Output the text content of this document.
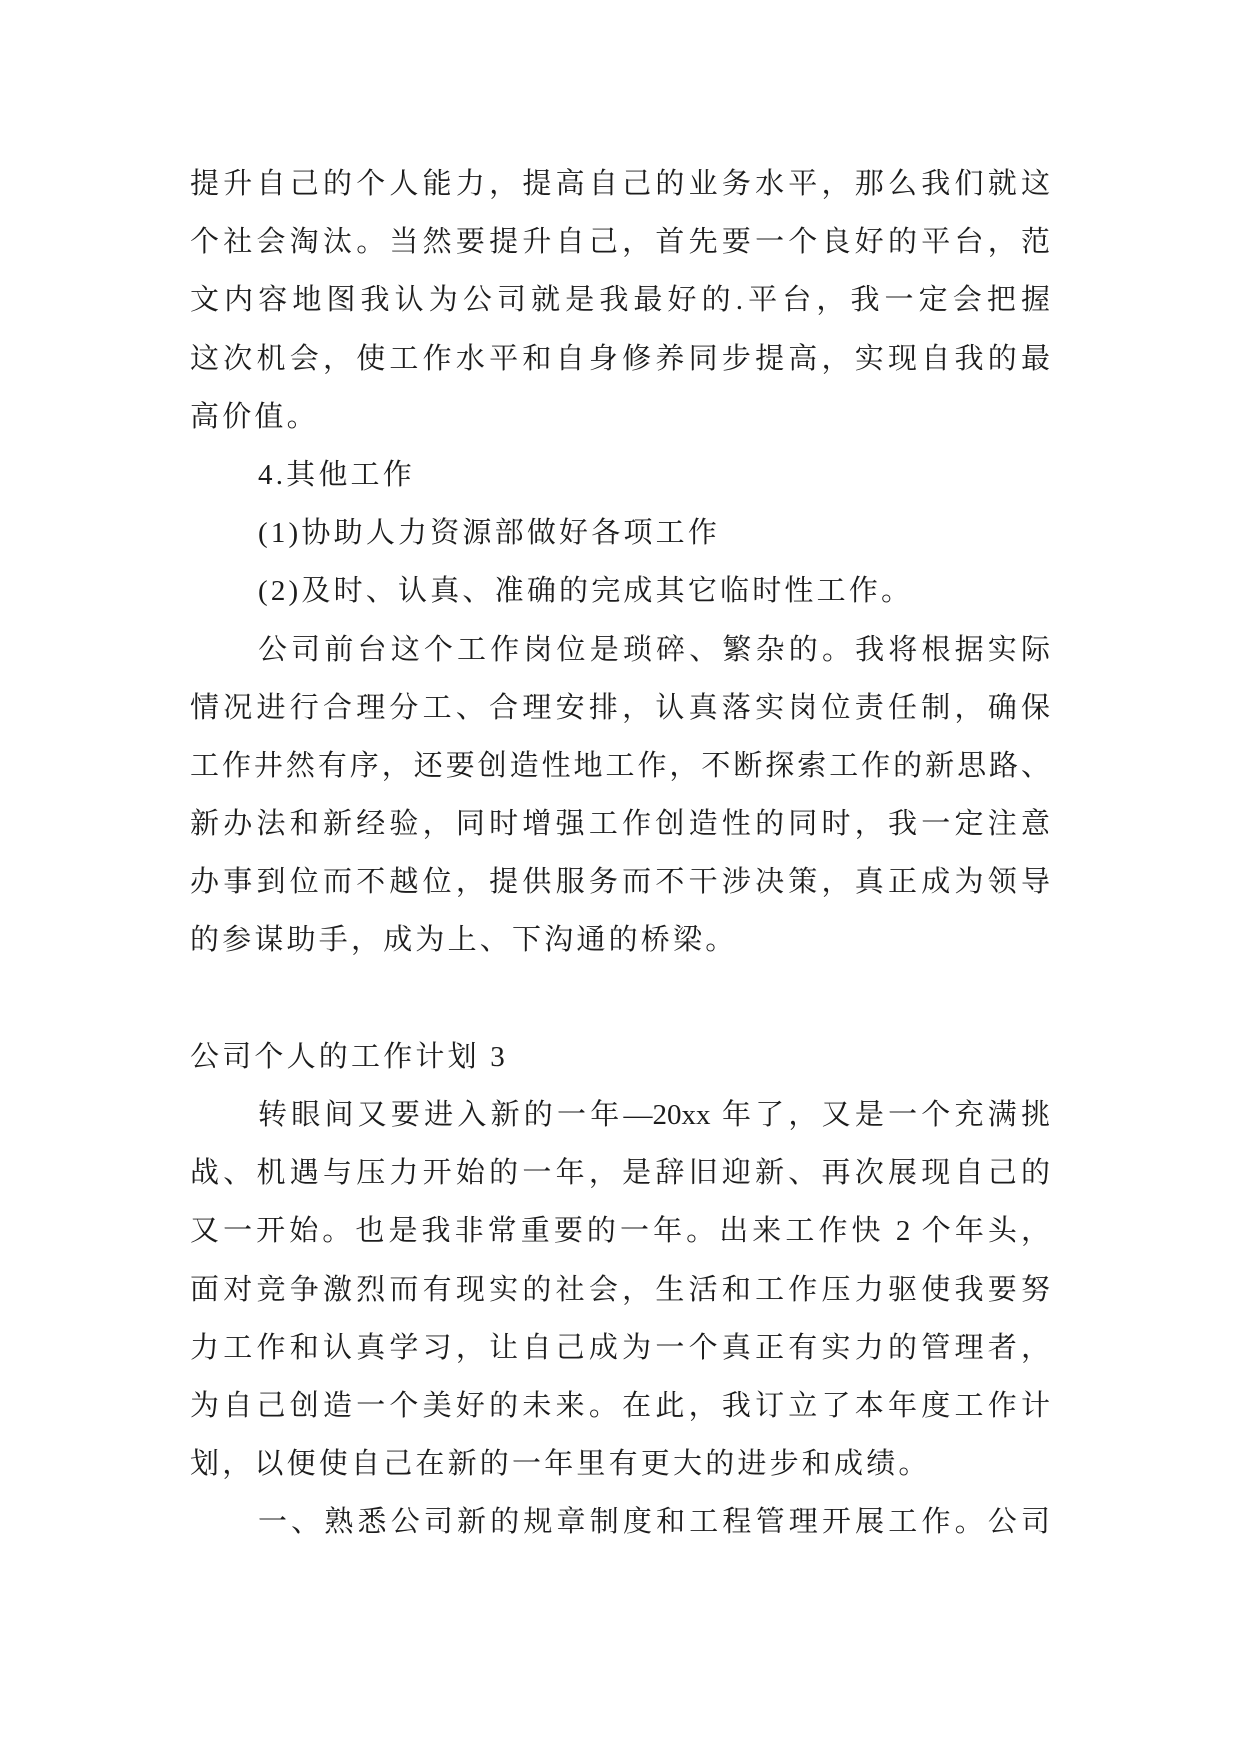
提升自己的个人能力，提高自己的业务水平，那么我们就这
个社会淘汰。当然要提升自己，首先要一个良好的平台，范
文内容地图我认为公司就是我最好的.平台，我一定会把握
这次机会，使工作水平和自身修养同步提高，实现自我的最
高价值。
4.其他工作
(1)协助人力资源部做好各项工作
(2)及时、认真、准确的完成其它临时性工作。
公司前台这个工作岗位是琐碎、繁杂的。我将根据实际
情况进行合理分工、合理安排，认真落实岗位责任制，确保
工作井然有序，还要创造性地工作，不断探索工作的新思路、
新办法和新经验，同时增强工作创造性的同时，我一定注意
办事到位而不越位，提供服务而不干涉决策，真正成为领导
的参谋助手，成为上、下沟通的桥梁。
公司个人的工作计划 3
转眼间又要进入新的一年—20xx 年了，又是一个充满挑
战、机遇与压力开始的一年，是辞旧迎新、再次展现自己的
又一开始。也是我非常重要的一年。出来工作快 2 个年头，
面对竞争激烈而有现实的社会，生活和工作压力驱使我要努
力工作和认真学习，让自己成为一个真正有实力的管理者，
为自己创造一个美好的未来。在此，我订立了本年度工作计
划，以便使自己在新的一年里有更大的进步和成绩。
一、熟悉公司新的规章制度和工程管理开展工作。公司
